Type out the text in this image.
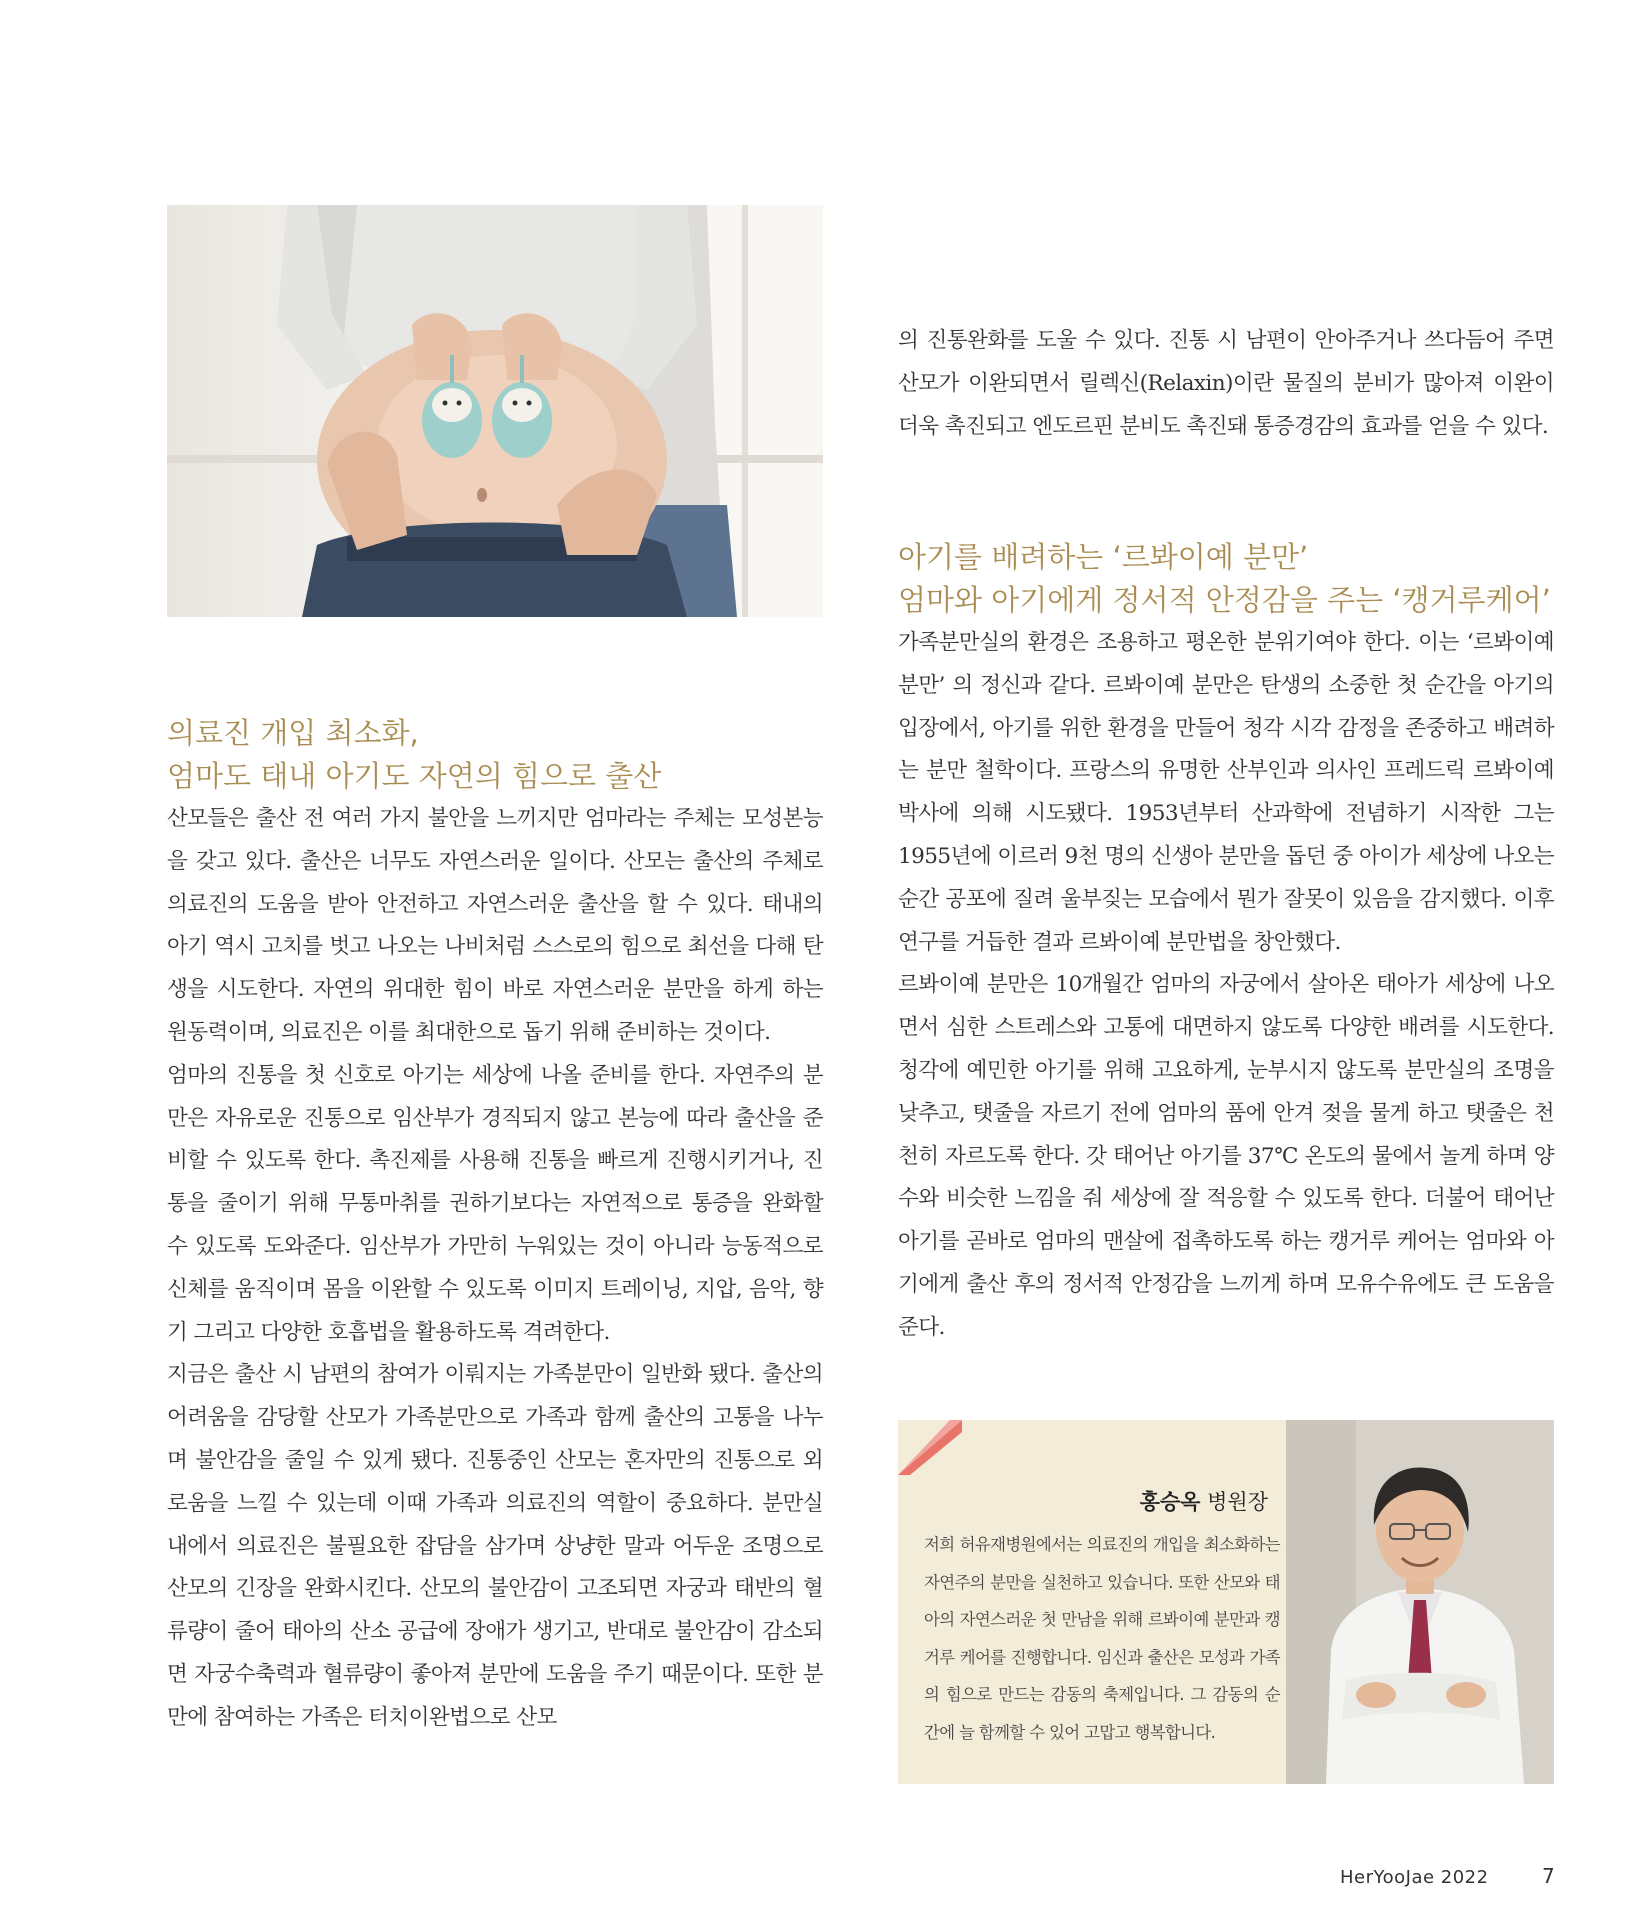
의료진 개입 최소화,
엄마도 태내 아기도 자연의 힘으로 출산

산모들은 출산 전 여러 가지 불안을 느끼지만 엄마라는 주체는 모성본능을 갖고 있다. 출산은 너무도 자연스러운 일이다. 산모는 출산의 주체로 의료진의 도움을 받아 안전하고 자연스러운 출산을 할 수 있다. 태내의 아기 역시 고치를 벗고 나오는 나비처럼 스스로의 힘으로 최선을 다해 탄생을 시도한다. 자연의 위대한 힘이 바로 자연스러운 분만을 하게 하는 원동력이며, 의료진은 이를 최대한으로 돕기 위해 준비하는 것이다.

엄마의 진통을 첫 신호로 아기는 세상에 나올 준비를 한다. 자연주의 분만은 자유로운 진통으로 임산부가 경직되지 않고 본능에 따라 출산을 준비할 수 있도록 한다. 촉진제를 사용해 진통을 빠르게 진행시키거나, 진통을 줄이기 위해 무통마취를 권하기보다는 자연적으로 통증을 완화할 수 있도록 도와준다. 임산부가 가만히 누워있는 것이 아니라 능동적으로 신체를 움직이며 몸을 이완할 수 있도록 이미지 트레이닝, 지압, 음악, 향기 그리고 다양한 호흡법을 활용하도록 격려한다.

지금은 출산 시 남편의 참여가 이뤄지는 가족분만이 일반화 됐다. 출산의 어려움을 감당할 산모가 가족분만으로 가족과 함께 출산의 고통을 나누며 불안감을 줄일 수 있게 됐다. 진통중인 산모는 혼자만의 진통으로 외로움을 느낄 수 있는데 이때 가족과 의료진의 역할이 중요하다. 분만실 내에서 의료진은 불필요한 잡담을 삼가며 상냥한 말과 어두운 조명으로 산모의 긴장을 완화시킨다. 산모의 불안감이 고조되면 자궁과 태반의 혈류량이 줄어 태아의 산소 공급에 장애가 생기고, 반대로 불안감이 감소되면 자궁수축력과 혈류량이 좋아져 분만에 도움을 주기 때문이다. 또한 분만에 참여하는 가족은 터치이완법으로 산모

의 진통완화를 도울 수 있다. 진통 시 남편이 안아주거나 쓰다듬어 주면 산모가 이완되면서 릴렉신(Relaxin)이란 물질의 분비가 많아져 이완이 더욱 촉진되고 엔도르핀 분비도 촉진돼 통증경감의 효과를 얻을 수 있다.

아기를 배려하는 ‘르봐이예 분만’
엄마와 아기에게 정서적 안정감을 주는 ‘캥거루케어’

가족분만실의 환경은 조용하고 평온한 분위기여야 한다. 이는 ‘르봐이예 분만’ 의 정신과 같다. 르봐이예 분만은 탄생의 소중한 첫 순간을 아기의 입장에서, 아기를 위한 환경을 만들어 청각 시각 감정을 존중하고 배려하는 분만 철학이다. 프랑스의 유명한 산부인과 의사인 프레드릭 르봐이예 박사에 의해 시도됐다. 1953년부터 산과학에 전념하기 시작한 그는 1955년에 이르러 9천 명의 신생아 분만을 돕던 중 아이가 세상에 나오는 순간 공포에 질려 울부짖는 모습에서 뭔가 잘못이 있음을 감지했다. 이후 연구를 거듭한 결과 르봐이예 분만법을 창안했다.

르봐이예 분만은 10개월간 엄마의 자궁에서 살아온 태아가 세상에 나오면서 심한 스트레스와 고통에 대면하지 않도록 다양한 배려를 시도한다. 청각에 예민한 아기를 위해 고요하게, 눈부시지 않도록 분만실의 조명을 낮추고, 탯줄을 자르기 전에 엄마의 품에 안겨 젖을 물게 하고 탯줄은 천천히 자르도록 한다. 갓 태어난 아기를 37℃ 온도의 물에서 놀게 하며 양수와 비슷한 느낌을 줘 세상에 잘 적응할 수 있도록 한다. 더불어 태어난 아기를 곧바로 엄마의 맨살에 접촉하도록 하는 캥거루 케어는 엄마와 아기에게 출산 후의 정서적 안정감을 느끼게 하며 모유수유에도 큰 도움을 준다.

홍승옥 병원장

저희 허유재병원에서는 의료진의 개입을 최소화하는 자연주의 분만을 실천하고 있습니다. 또한 산모와 태아의 자연스러운 첫 만남을 위해 르봐이예 분만과 캥거루 케어를 진행합니다. 임신과 출산은 모성과 가족의 힘으로 만드는 감동의 축제입니다. 그 감동의 순간에 늘 함께할 수 있어 고맙고 행복합니다.

HerYooJae 2022	7
